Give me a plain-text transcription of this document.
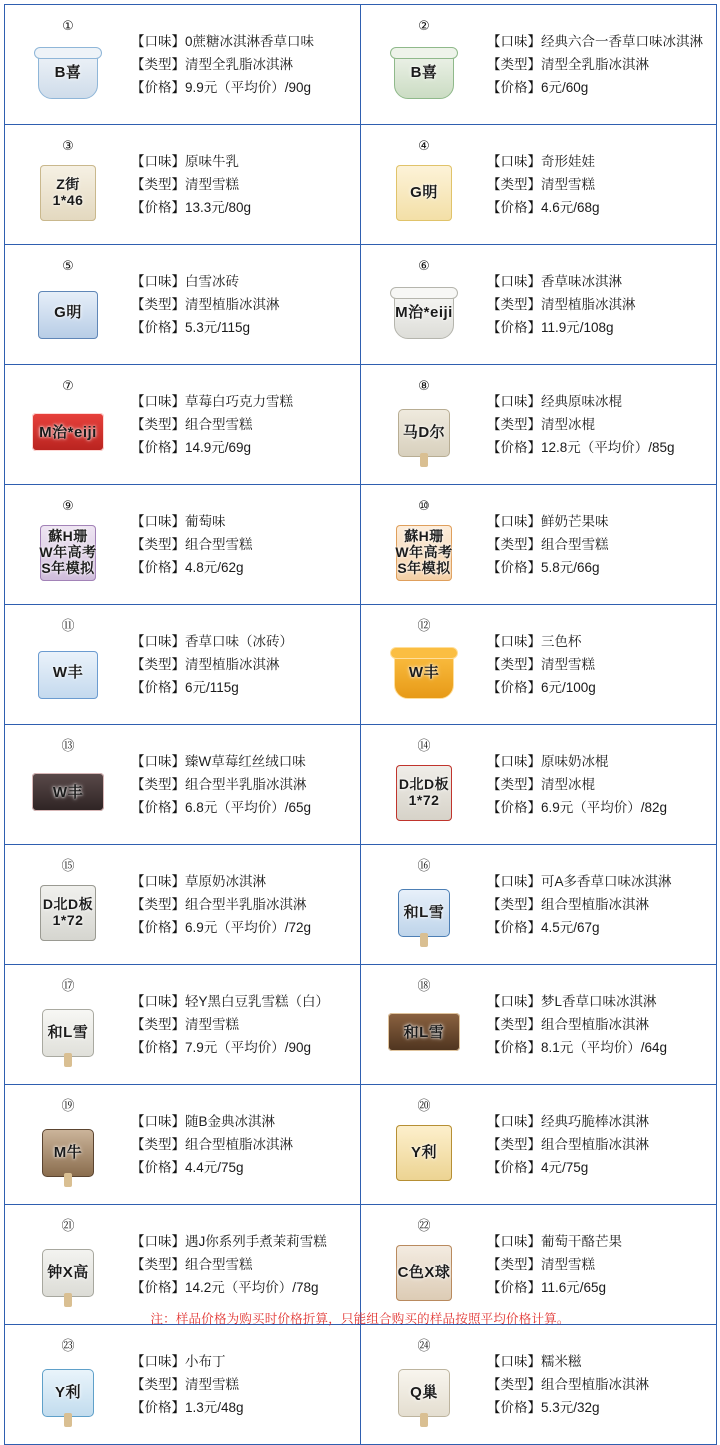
①
B喜
【口味】0蔗糖冰淇淋香草口味
【类型】清型全乳脂冰淇淋
【价格】9.9元（平均价）/90g

②
B喜
【口味】经典六合一香草口味冰淇淋
【类型】清型全乳脂冰淇淋
【价格】6元/60g

③
Z街
1*46
【口味】原味牛乳
【类型】清型雪糕
【价格】13.3元/80g

④
G明
【口味】奇形娃娃
【类型】清型雪糕
【价格】4.6元/68g

⑤
G明
【口味】白雪冰砖
【类型】清型植脂冰淇淋
【价格】5.3元/115g

⑥
M治*eiji
【口味】香草味冰淇淋
【类型】清型植脂冰淇淋
【价格】11.9元/108g

⑦
M治*eiji
【口味】草莓白巧克力雪糕
【类型】组合型雪糕
【价格】14.9元/69g

⑧
马D尔
【口味】经典原味冰棍
【类型】清型冰棍
【价格】12.8元（平均价）/85g

⑨
蘇H珊
W年高考
S年模拟
【口味】葡萄味
【类型】组合型雪糕
【价格】4.8元/62g

⑩
蘇H珊
W年高考
S年模拟
【口味】鲜奶芒果味
【类型】组合型雪糕
【价格】5.8元/66g

⑪
W丰
【口味】香草口味（冰砖）
【类型】清型植脂冰淇淋
【价格】6元/115g

⑫
W丰
【口味】三色杯
【类型】清型雪糕
【价格】6元/100g

⑬
W丰
【口味】臻W草莓红丝绒口味
【类型】组合型半乳脂冰淇淋
【价格】6.8元（平均价）/65g

⑭
D北D板
1*72
【口味】原味奶冰棍
【类型】清型冰棍
【价格】6.9元（平均价）/82g

⑮
D北D板
1*72
【口味】草原奶冰淇淋
【类型】组合型半乳脂冰淇淋
【价格】6.9元（平均价）/72g

⑯
和L雪
【口味】可A多香草口味冰淇淋
【类型】组合型植脂冰淇淋
【价格】4.5元/67g

⑰
和L雪
【口味】轻Y黑白豆乳雪糕（白）
【类型】清型雪糕
【价格】7.9元（平均价）/90g

⑱
和L雪
【口味】梦L香草口味冰淇淋
【类型】组合型植脂冰淇淋
【价格】8.1元（平均价）/64g

⑲
M牛
【口味】随B金典冰淇淋
【类型】组合型植脂冰淇淋
【价格】4.4元/75g

⑳
Y利
【口味】经典巧脆棒冰淇淋
【类型】组合型植脂冰淇淋
【价格】4元/75g

㉑
钟X高
【口味】遇J你系列手煮茉莉雪糕
【类型】组合型雪糕
【价格】14.2元（平均价）/78g

㉒
C色X球
【口味】葡萄干酪芒果
【类型】清型雪糕
【价格】11.6元/65g

㉓
Y利
【口味】小布丁
【类型】清型雪糕
【价格】1.3元/48g

㉔
Q巢
【口味】糯米糍
【类型】组合型植脂冰淇淋
【价格】5.3元/32g
注：样品价格为购买时价格折算，只能组合购买的样品按照平均价格计算。
